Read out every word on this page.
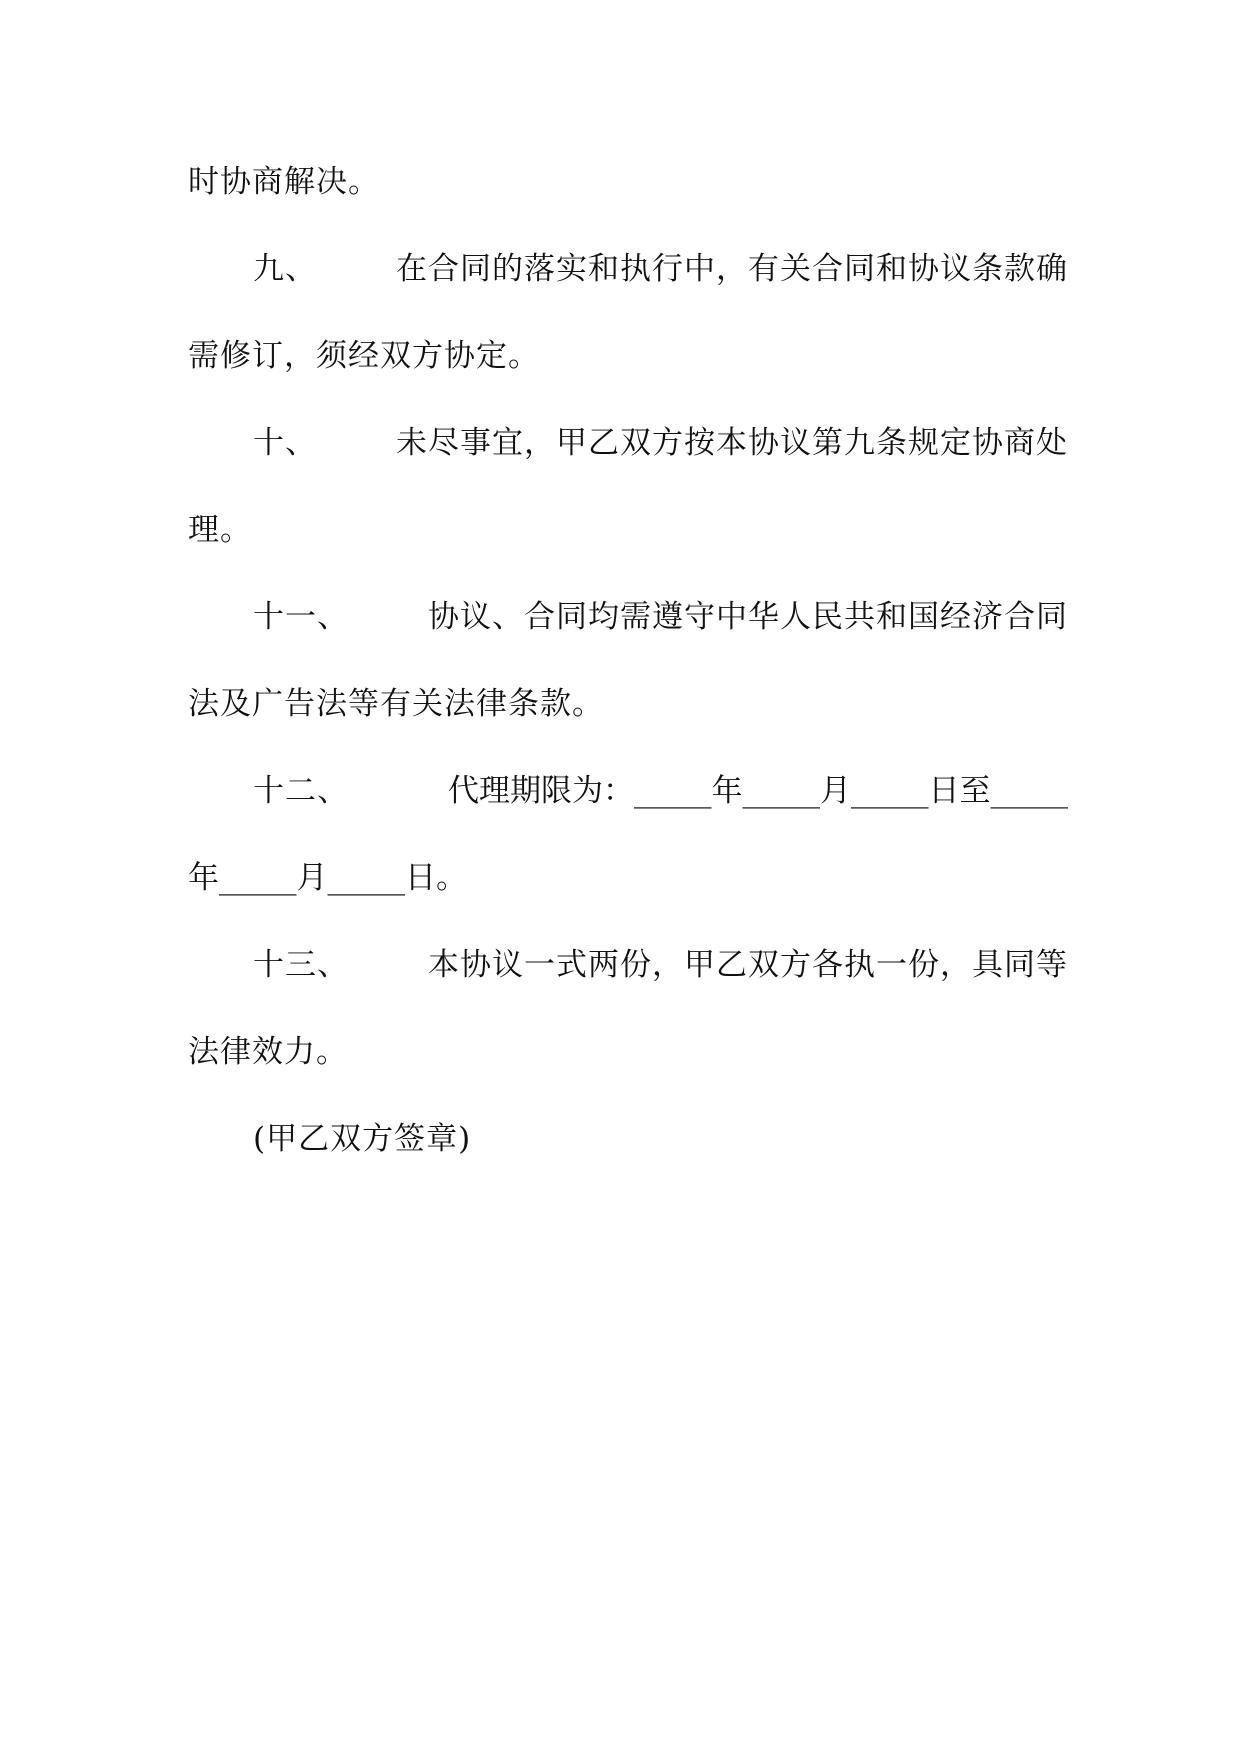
时协商解决。
九、	在合同的落实和执行中，有关合同和协议条款确
需修订，须经双方协定。
十、	未尽事宜，甲乙双方按本协议第九条规定协商处
理。
十一、	协议、合同均需遵守中华人民共和国经济合同
法及广告法等有关法律条款。
十二、	代理期限为：_____年_____月_____日至_____
年_____月_____日。
十三、	本协议一式两份，甲乙双方各执一份，具同等
法律效力。
(甲乙双方签章)
